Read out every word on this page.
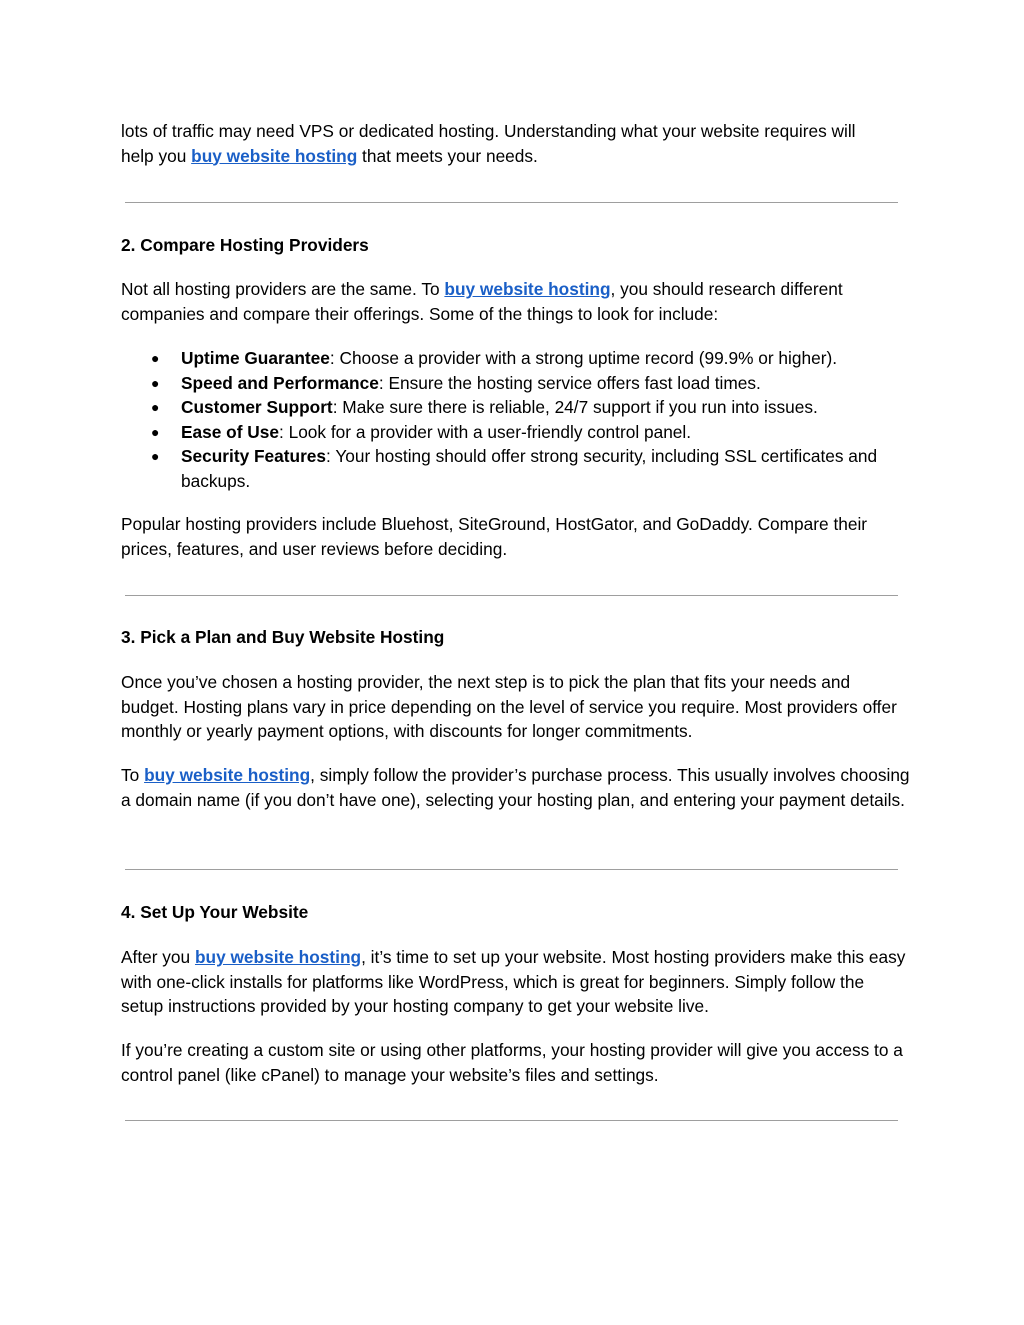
lots of traffic may need VPS or dedicated hosting. Understanding what your website requires will
help you buy website hosting that meets your needs.

2. Compare Hosting Providers

Not all hosting providers are the same. To buy website hosting, you should research different companies and compare their offerings. Some of the things to look for include:

● Uptime Guarantee: Choose a provider with a strong uptime record (99.9% or higher).
● Speed and Performance: Ensure the hosting service offers fast load times.
● Customer Support: Make sure there is reliable, 24/7 support if you run into issues.
● Ease of Use: Look for a provider with a user-friendly control panel.
● Security Features: Your hosting should offer strong security, including SSL certificates and backups.

Popular hosting providers include Bluehost, SiteGround, HostGator, and GoDaddy. Compare their prices, features, and user reviews before deciding.

3. Pick a Plan and Buy Website Hosting

Once you’ve chosen a hosting provider, the next step is to pick the plan that fits your needs and budget. Hosting plans vary in price depending on the level of service you require. Most providers offer monthly or yearly payment options, with discounts for longer commitments.

To buy website hosting, simply follow the provider’s purchase process. This usually involves choosing a domain name (if you don’t have one), selecting your hosting plan, and entering your payment details.

4. Set Up Your Website

After you buy website hosting, it’s time to set up your website. Most hosting providers make this easy with one-click installs for platforms like WordPress, which is great for beginners. Simply follow the setup instructions provided by your hosting company to get your website live.

If you’re creating a custom site or using other platforms, your hosting provider will give you access to a control panel (like cPanel) to manage your website’s files and settings.
